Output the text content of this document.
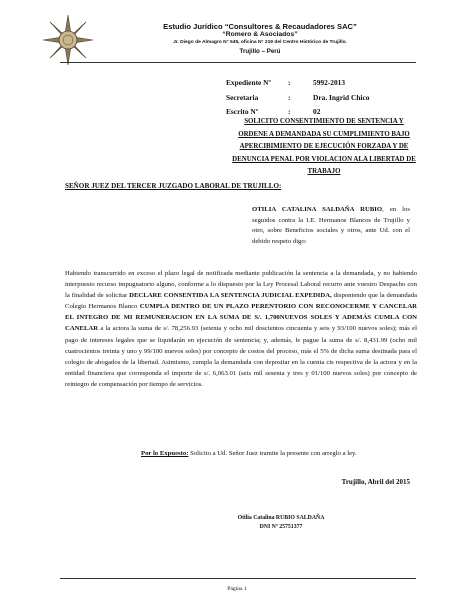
Estudio Jurídico “Consultores & Recaudadores SAC”
“Romero & Asociados”
Jr. Diego de Almagro N° 545, oficina N° 219 del Centro Histórico de Trujillo.
Trujillo – Perú
Expediente Nº :	5992-2013
Secretaria	:	Dra. Ingrid Chico
Escrito Nº	:	02
SOLICITO CONSENTIMIENTO DE SENTENCIA Y
ORDENE A DEMANDADA SU CUMPLIMIENTO BAJO
APERCIBIMIENTO DE EJECUCIÓN FORZADA Y DE
DENUNCIA PENAL POR VIOLACION ALA LIBERTAD DE
TRABAJO
SEÑOR JUEZ DEL TERCER JUZGADO LABORAL DE TRUJILLO:
OTILIA CATALINA SALDAÑA RUBIO, en los seguidos contra la I.E. Hermanos Blancos de Trujillo y otro, sobre Beneficios sociales y otros, ante Ud. con el debido respeto digo:
Habiendo transcurrido en exceso el plazo legal de notificada mediante publicación la sentencia a la demandada, y no habiendo interpuesto recurso impugnatorio alguno, conforme a lo dispuesto por la Ley Procesal Laboral recurro ante vuestro Despacho con la finalidad de solicitar DECLARE CONSENTIDA LA SENTENCIA JUDICIAL EXPEDIDA, disponiendo que la demandada Colegio Hermanos Blanco CUMPLA DENTRO DE UN PLAZO PERENTORIO CON RECONOCERME Y CANCELAR EL INTEGRO DE MI REMUNERACION EN LA SUMA DE S/. 1,700NUEVOS SOLES Y ADEMÁS CUMLA CON CANELAR a la actora la suma de s/. 78,256.93 (setenta y ocho mil doscientos cincuenta y seis y 93/100 nuevos soles); más el pago de intereses legales que se liquidarán en ejecución de sentencia; y, además, le pague la suma de s/. 8,431.99 (ocho mil cuatrocientos treinta y uno y 99/100 nuevos soles) por concepto de costos del proceso, más el 5% de dicha suma destinada para el colegio de abogados de la libertad. Asimismo, cumpla la demandada con depositar en la cuenta cts respectiva de la actora y en la entidad financiera que corresponda el importe de s/. 6,063.01 (seis mil sesenta y tres y 01/100 nuevos soles) por concepto de reintegro de compensación por tiempo de servicios.
Por lo Expuesto: Solicito a Ud. Señor Juez tramite la presente con arreglo a ley.
Trujillo, Abril del 2015
Otilia Catalina RUBIO SALDAÑA
DNI Nº 25751377
Página 1
